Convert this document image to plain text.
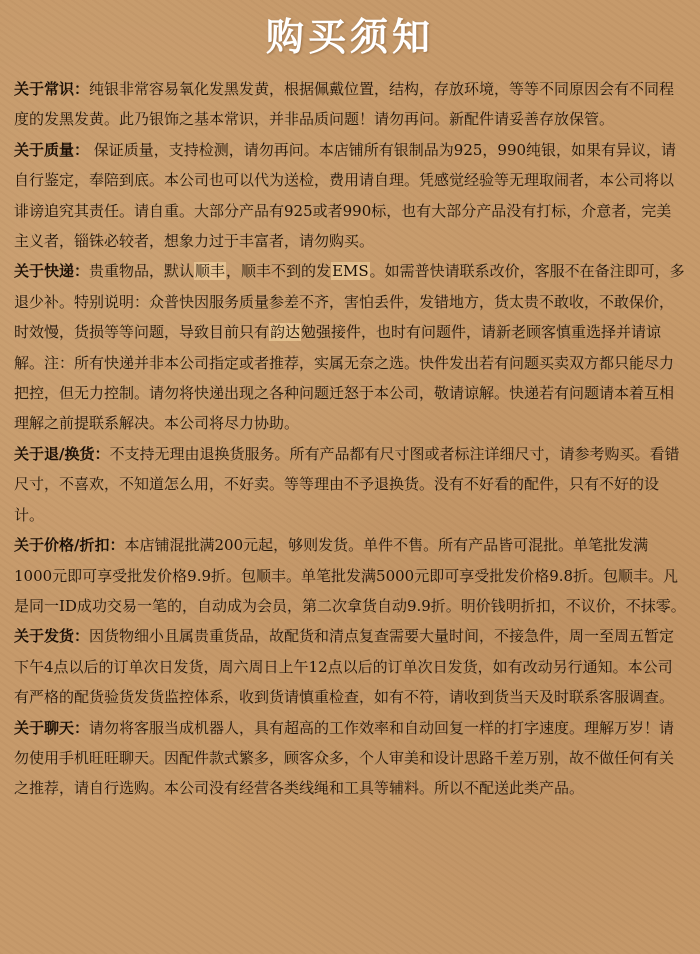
购买须知

关于常识：纯银非常容易氧化发黑发黄，根据佩戴位置，结构，存放环境，等等不同原因会有不同程度的发黑发黄。此乃银饰之基本常识，并非品质问题！请勿再问。新配件请妥善存放保管。

关于质量： 保证质量，支持检测，请勿再问。本店铺所有银制品为925，990纯银，如果有异议，请自行鉴定，奉陪到底。本公司也可以代为送检，费用请自理。凭感觉经验等无理取闹者，本公司将以诽谤追究其责任。请自重。大部分产品有925或者990标，也有大部分产品没有打标，介意者，完美主义者，锱铢必较者，想象力过于丰富者，请勿购买。

关于快递：贵重物品，默认顺丰，顺丰不到的发EMS。如需普快请联系改价，客服不在备注即可，多退少补。特别说明：众普快因服务质量参差不齐，害怕丢件，发错地方，货太贵不敢收，不敢保价，时效慢，货损等等问题，导致目前只有韵达勉强接件，也时有问题件，请新老顾客慎重选择并请谅解。注：所有快递并非本公司指定或者推荐，实属无奈之选。快件发出若有问题买卖双方都只能尽力把控，但无力控制。请勿将快递出现之各种问题迁怒于本公司，敬请谅解。快递若有问题请本着互相理解之前提联系解决。本公司将尽力协助。

关于退/换货：不支持无理由退换货服务。所有产品都有尺寸图或者标注详细尺寸，请参考购买。看错尺寸，不喜欢，不知道怎么用，不好卖。等等理由不予退换货。没有不好看的配件，只有不好的设计。

关于价格/折扣：本店铺混批满200元起，够则发货。单件不售。所有产品皆可混批。单笔批发满1000元即可享受批发价格9.9折。包顺丰。单笔批发满5000元即可享受批发价格9.8折。包顺丰。凡是同一ID成功交易一笔的，自动成为会员，第二次拿货自动9.9折。明价钱明折扣，不议价，不抹零。

关于发货：因货物细小且属贵重货品，故配货和清点复查需要大量时间，不接急件，周一至周五暂定下午4点以后的订单次日发货，周六周日上午12点以后的订单次日发货，如有改动另行通知。本公司有严格的配货验货发货监控体系，收到货请慎重检查，如有不符，请收到货当天及时联系客服调查。

关于聊天：请勿将客服当成机器人，具有超高的工作效率和自动回复一样的打字速度。理解万岁！请勿使用手机旺旺聊天。因配件款式繁多，顾客众多，个人审美和设计思路千差万别，故不做任何有关之推荐，请自行选购。本公司没有经营各类线绳和工具等辅料。所以不配送此类产品。
